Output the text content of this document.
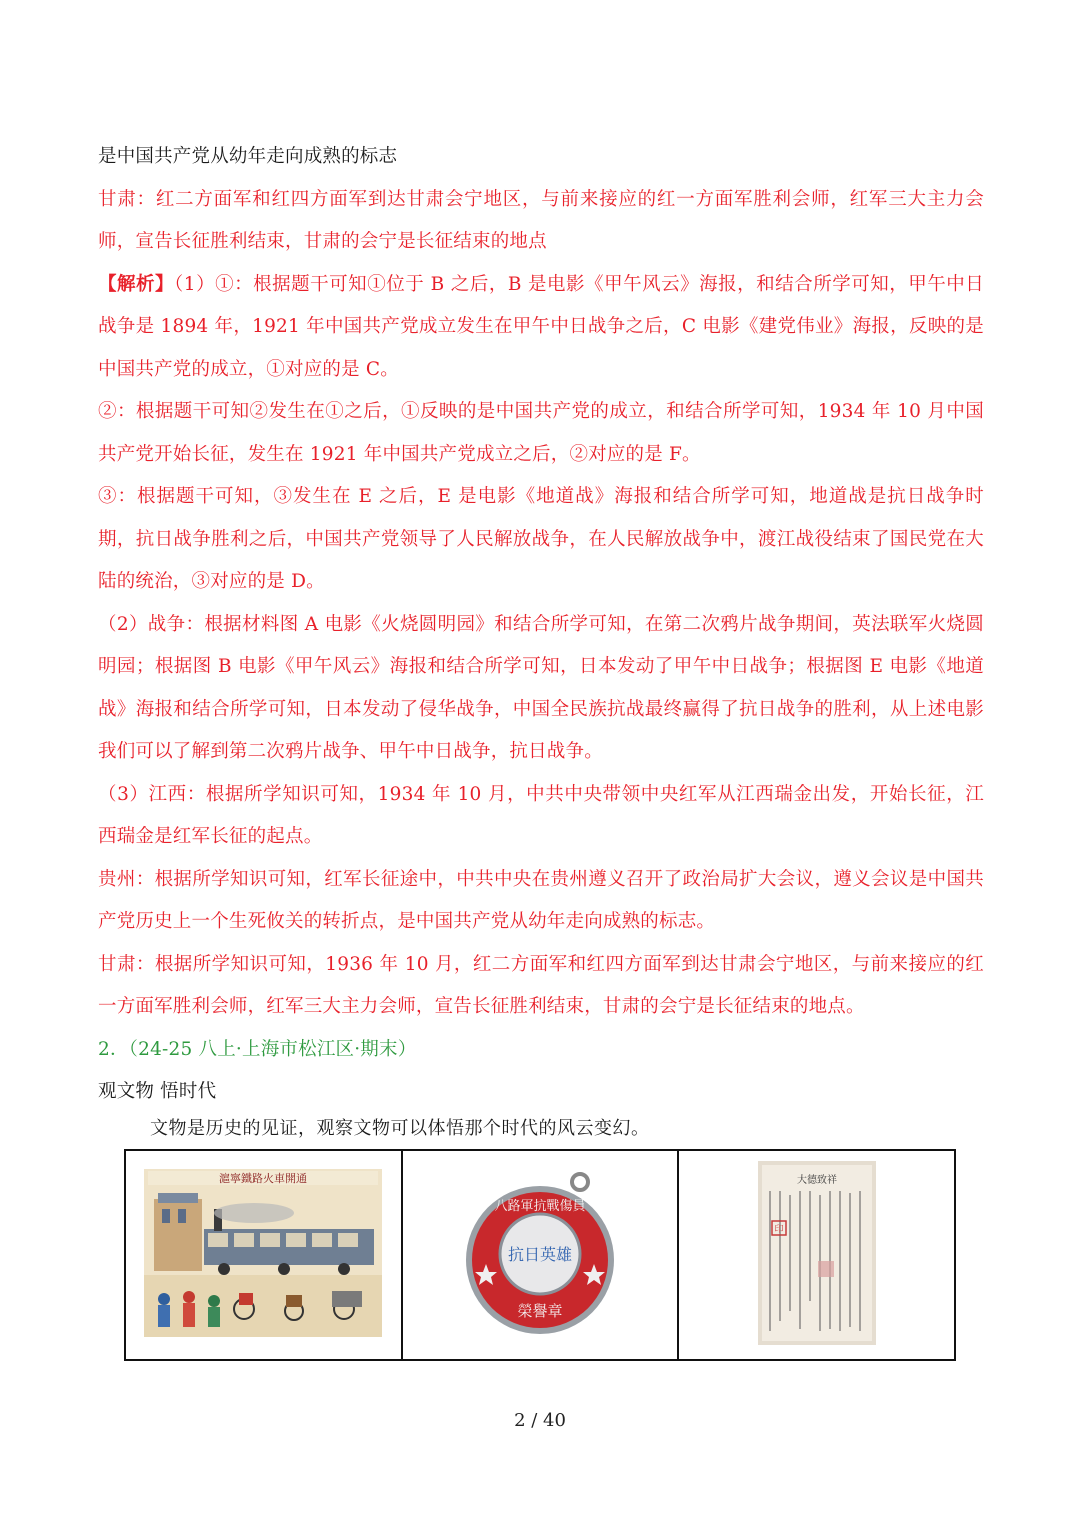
是中国共产党从幼年走向成熟的标志

甘肃：红二方面军和红四方面军到达甘肃会宁地区，与前来接应的红一方面军胜利会师，红军三大主力会师，宣告长征胜利结束，甘肃的会宁是长征结束的地点

【解析】（1）①：根据题干可知①位于 B 之后，B 是电影《甲午风云》海报，和结合所学可知，甲午中日战争是 1894 年，1921 年中国共产党成立发生在甲午中日战争之后，C 电影《建党伟业》海报，反映的是中国共产党的成立，①对应的是 C。

②：根据题干可知②发生在①之后，①反映的是中国共产党的成立，和结合所学可知，1934 年 10 月中国共产党开始长征，发生在 1921 年中国共产党成立之后，②对应的是 F。

③：根据题干可知，③发生在 E 之后，E 是电影《地道战》海报和结合所学可知，地道战是抗日战争时期，抗日战争胜利之后，中国共产党领导了人民解放战争，在人民解放战争中，渡江战役结束了国民党在大陆的统治，③对应的是 D。

（2）战争：根据材料图 A 电影《火烧圆明园》和结合所学可知，在第二次鸦片战争期间，英法联军火烧圆明园；根据图 B 电影《甲午风云》海报和结合所学可知，日本发动了甲午中日战争；根据图 E 电影《地道战》海报和结合所学可知，日本发动了侵华战争，中国全民族抗战最终赢得了抗日战争的胜利，从上述电影我们可以了解到第二次鸦片战争、甲午中日战争，抗日战争。

（3）江西：根据所学知识可知，1934 年 10 月，中共中央带领中央红军从江西瑞金出发，开始长征，江西瑞金是红军长征的起点。

贵州：根据所学知识可知，红军长征途中，中共中央在贵州遵义召开了政治局扩大会议，遵义会议是中国共产党历史上一个生死攸关的转折点，是中国共产党从幼年走向成熟的标志。

甘肃：根据所学知识可知，1936 年 10 月，红二方面军和红四方面军到达甘肃会宁地区，与前来接应的红一方面军胜利会师，红军三大主力会师，宣告长征胜利结束，甘肃的会宁是长征结束的地点。

2．（24-25 八上·上海市松江区·期末）

观文物 悟时代

文物是历史的见证，观察文物可以体悟那个时代的风云变幻。
滬寧鐵路火車開通

抗日英雄
八路軍抗戰傷員
榮譽章

大德致祥
印
2 / 40
